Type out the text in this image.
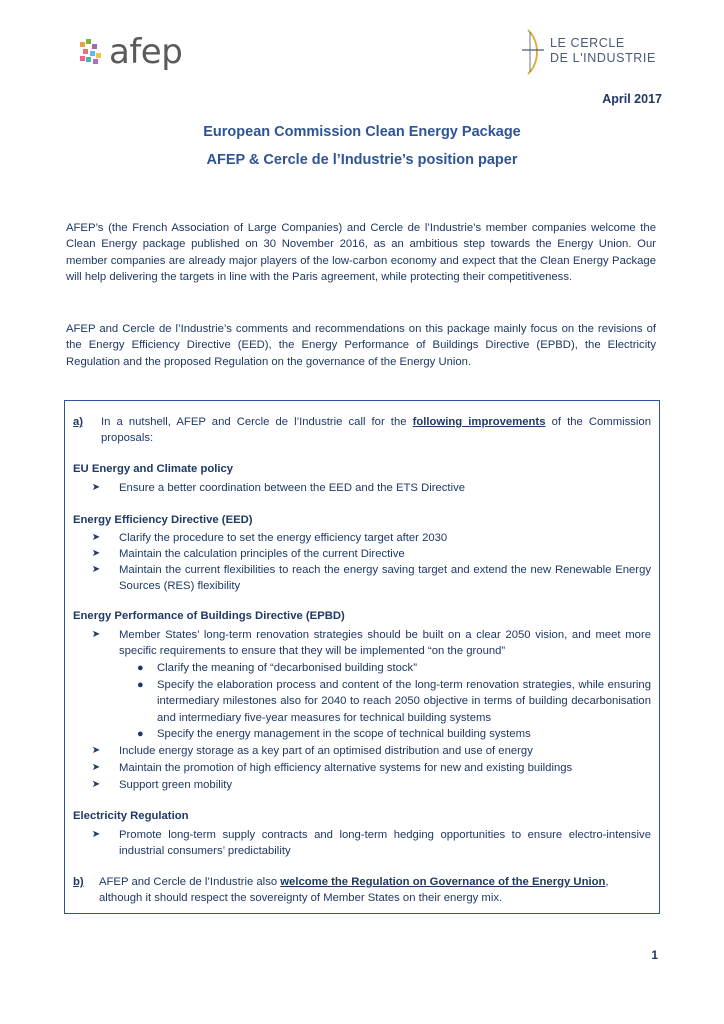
afep	LE CERCLE
DE L'INDUSTRIE
April 2017
European Commission Clean Energy Package
AFEP & Cercle de l’Industrie’s position paper

AFEP’s (the French Association of Large Companies) and Cercle de l’Industrie’s member companies welcome the Clean Energy package published on 30 November 2016, as an ambitious step towards the Energy Union. Our member companies are already major players of the low-carbon economy and expect that the Clean Energy Package will help delivering the targets in line with the Paris agreement, while protecting their competitiveness.

AFEP and Cercle de l’Industrie’s comments and recommendations on this package mainly focus on the revisions of the Energy Efficiency Directive (EED), the Energy Performance of Buildings Directive (EPBD), the Electricity Regulation and the proposed Regulation on the governance of the Energy Union.

a)	In a nutshell, AFEP and Cercle de l’Industrie call for the following improvements of the Commission proposals:
EU Energy and Climate policy
➤	Ensure a better coordination between the EED and the ETS Directive
Energy Efficiency Directive (EED)
➤	Clarify the procedure to set the energy efficiency target after 2030
➤	Maintain the calculation principles of the current Directive
➤	Maintain the current flexibilities to reach the energy saving target and extend the new Renewable Energy Sources (RES) flexibility
Energy Performance of Buildings Directive (EPBD)
➤	Member States’ long-term renovation strategies should be built on a clear 2050 vision, and meet more specific requirements to ensure that they will be implemented “on the ground”
●	Clarify the meaning of “decarbonised building stock”
●	Specify the elaboration process and content of the long-term renovation strategies, while ensuring intermediary milestones also for 2040 to reach 2050 objective in terms of building decarbonisation and intermediary five-year measures for technical building systems
●	Specify the energy management in the scope of technical building systems
➤	Include energy storage as a key part of an optimised distribution and use of energy
➤	Maintain the promotion of high efficiency alternative systems for new and existing buildings
➤	Support green mobility
Electricity Regulation
➤	Promote long-term supply contracts and long-term hedging opportunities to ensure electro-intensive industrial consumers’ predictability
b)	AFEP and Cercle de l’Industrie also welcome the Regulation on Governance of the Energy Union, although it should respect the sovereignty of Member States on their energy mix.
1
